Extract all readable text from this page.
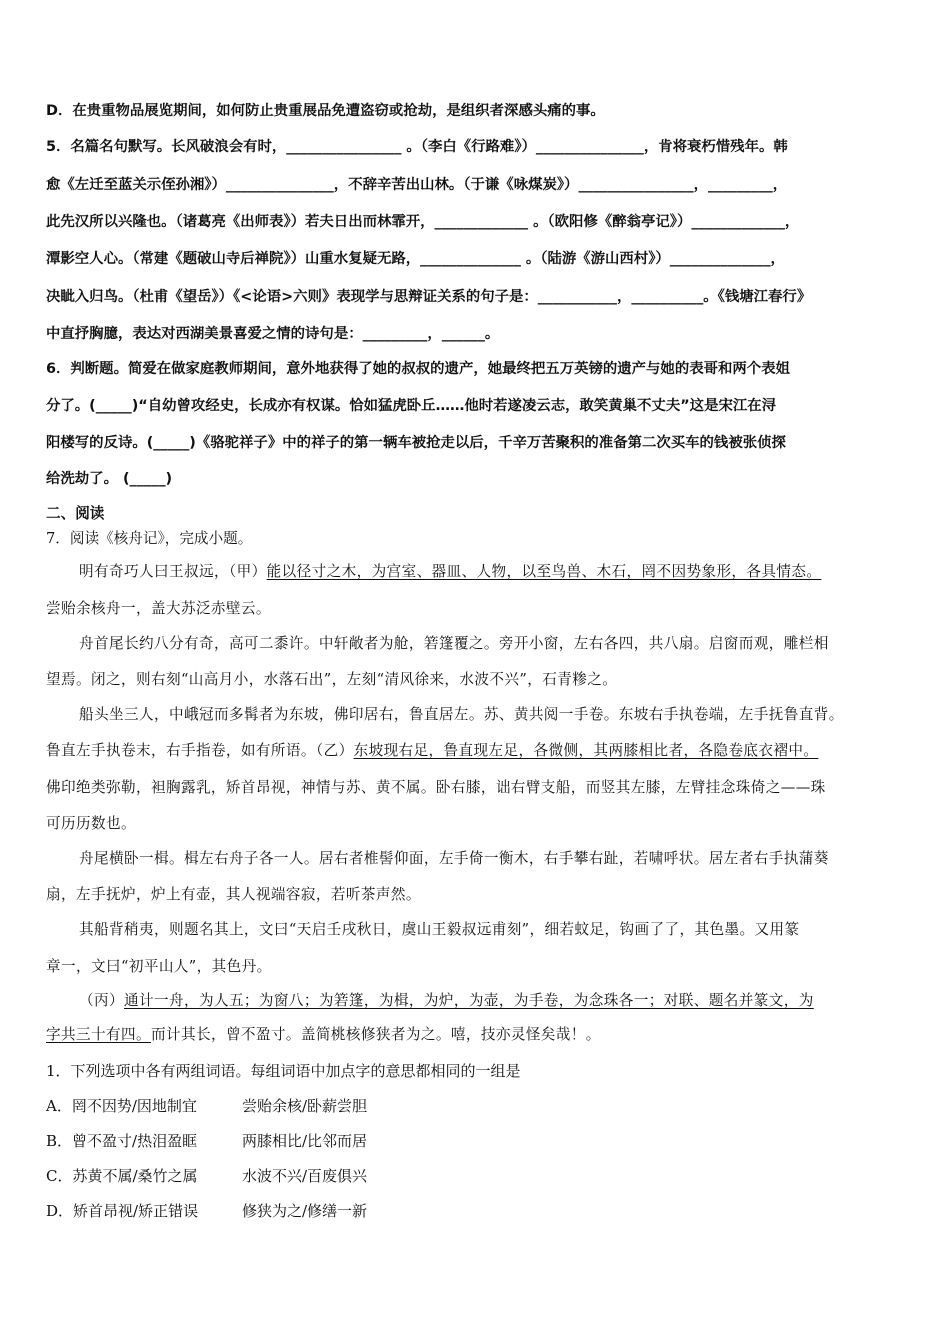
D．在贵重物品展览期间，如何防止贵重展品免遭盗窃或抢劫，是组织者深感头痛的事。
5．名篇名句默写。长风破浪会有时，________________ 。（李白《行路难》）_______________，肯将衰朽惜残年。韩
愈《左迁至蓝关示侄孙湘》）_______________，不辞辛苦出山林。（于谦《咏煤炭》）________________，_________，
此先汉所以兴隆也。（诸葛亮《出师表》）若夫日出而林霏开，_____________ 。（欧阳修《醉翁亭记》）_____________，
潭影空人心。（常建《题破山寺后禅院》）山重水复疑无路，______________ 。（陆游《游山西村》）______________，
决眦入归鸟。（杜甫《望岳》）《<论语>六则》表现学与思辩证关系的句子是：___________，__________。《钱塘江春行》
中直抒胸臆，表达对西湖美景喜爱之情的诗句是：_________，______。
6．判断题。简爱在做家庭教师期间，意外地获得了她的叔叔的遗产，她最终把五万英镑的遗产与她的表哥和两个表姐
分了。(_____)“自幼曾攻经史，长成亦有权谋。恰如猛虎卧丘……他时若遂凌云志，敢笑黄巢不丈夫”这是宋江在浔
阳楼写的反诗。(_____)《骆驼祥子》中的祥子的第一辆车被抢走以后，千辛万苦聚积的准备第二次买车的钱被张侦探
给洗劫了。 (_____)
二、阅读
7．阅读《核舟记》，完成小题。
明有奇巧人曰王叔远，（甲）能以径寸之木，为宫室、器皿、人物，以至鸟兽、木石，罔不因势象形，各具情态。
尝贻余核舟一，盖大苏泛赤壁云。
舟首尾长约八分有奇，高可二黍许。中轩敞者为舱，箬篷覆之。旁开小窗，左右各四，共八扇。启窗而观，雕栏相
望焉。闭之，则右刻“山高月小，水落石出”，左刻“清风徐来，水波不兴”，石青糁之。
船头坐三人，中峨冠而多髯者为东坡，佛印居右，鲁直居左。苏、黄共阅一手卷。东坡右手执卷端，左手抚鲁直背。
鲁直左手执卷末，右手指卷，如有所语。（乙）东坡现右足，鲁直现左足，各微侧，其两膝相比者，各隐卷底衣褶中。
佛印绝类弥勒，袒胸露乳，矫首昂视，神情与苏、黄不属。卧右膝，诎右臂支船，而竖其左膝，左臂挂念珠倚之——珠
可历历数也。
舟尾横卧一楫。楫左右舟子各一人。居右者椎髻仰面，左手倚一衡木，右手攀右趾，若啸呼状。居左者右手执蒲葵
扇，左手抚炉，炉上有壶，其人视端容寂，若听茶声然。
其船背稍夷，则题名其上，文曰“天启壬戌秋日，虞山王毅叔远甫刻”，细若蚊足，钩画了了，其色墨。又用篆
章一，文曰“初平山人”，其色丹。
（丙）通计一舟，为人五；为窗八；为箬篷，为楫，为炉，为壶，为手卷，为念珠各一；对联、题名并篆文，为
字共三十有四。而计其长，曾不盈寸。盖简桃核修狭者为之。嘻，技亦灵怪矣哉！。
1．下列选项中各有两组词语。每组词语中加点字的意思都相同的一组是
A．罔不因势/因地制宜	尝贻余核/卧薪尝胆
B．曾不盈寸/热泪盈眶	两膝相比/比邻而居
C．苏黄不属/桑竹之属	水波不兴/百废俱兴
D．矫首昂视/矫正错误	修狭为之/修缮一新
